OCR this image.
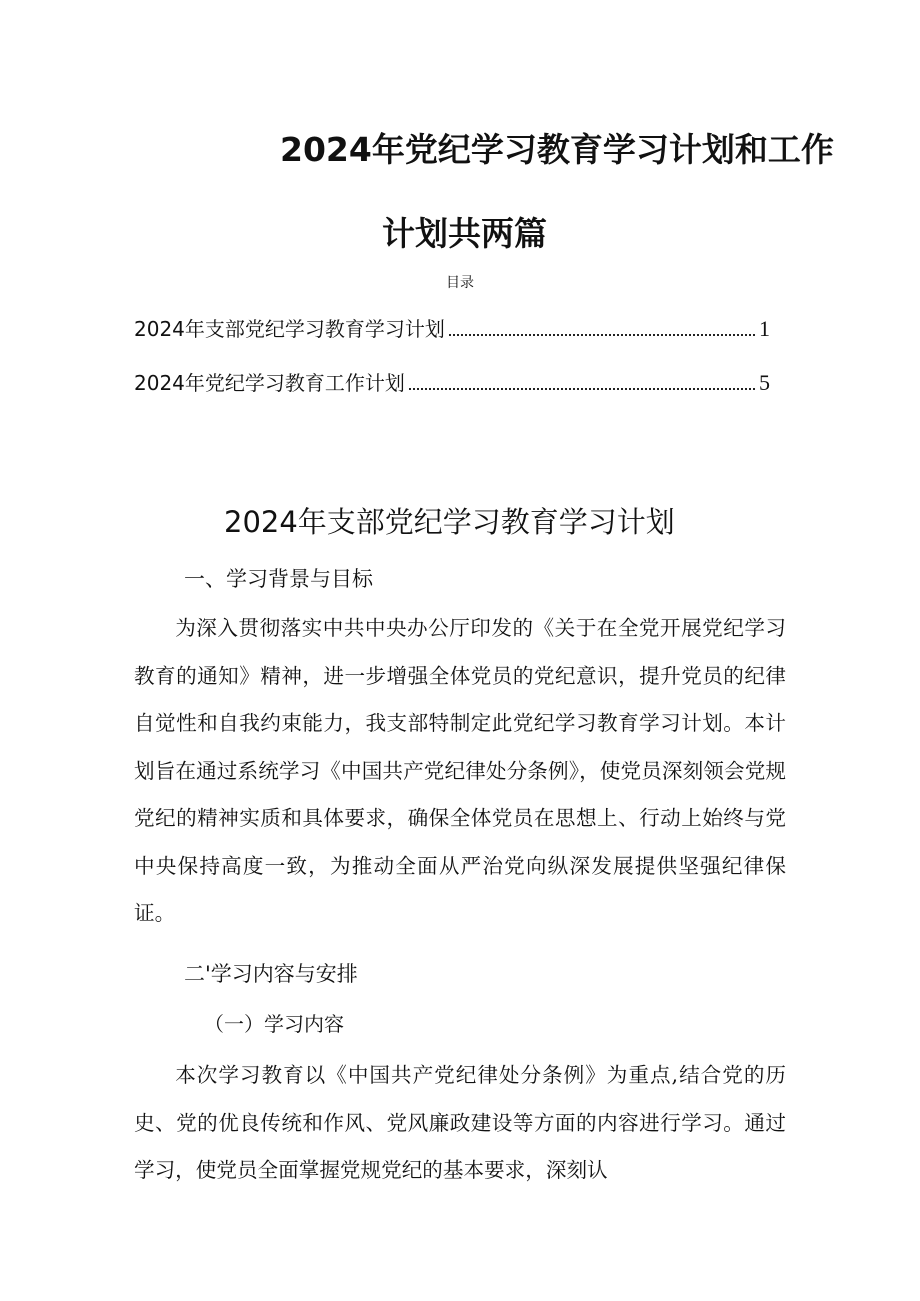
2024年党纪学习教育学习计划和工作
计划共两篇
目录
2024年支部党纪学习教育学习计划	1
2024年党纪学习教育工作计划	5
2024年支部党纪学习教育学习计划
一、学习背景与目标

为深入贯彻落实中共中央办公厅印发的《关于在全党开展党纪学习教育的通知》精神，进一步增强全体党员的党纪意识，提升党员的纪律自觉性和自我约束能力，我支部特制定此党纪学习教育学习计划。本计划旨在通过系统学习《中国共产党纪律处分条例》，使党员深刻领会党规党纪的精神实质和具体要求，确保全体党员在思想上、行动上始终与党中央保持高度一致，为推动全面从严治党向纵深发展提供坚强纪律保证。

二'学习内容与安排
（一）学习内容

本次学习教育以《中国共产党纪律处分条例》为重点,结合党的历史、党的优良传统和作风、党风廉政建设等方面的内容进行学习。通过学习，使党员全面掌握党规党纪的基本要求，深刻认
